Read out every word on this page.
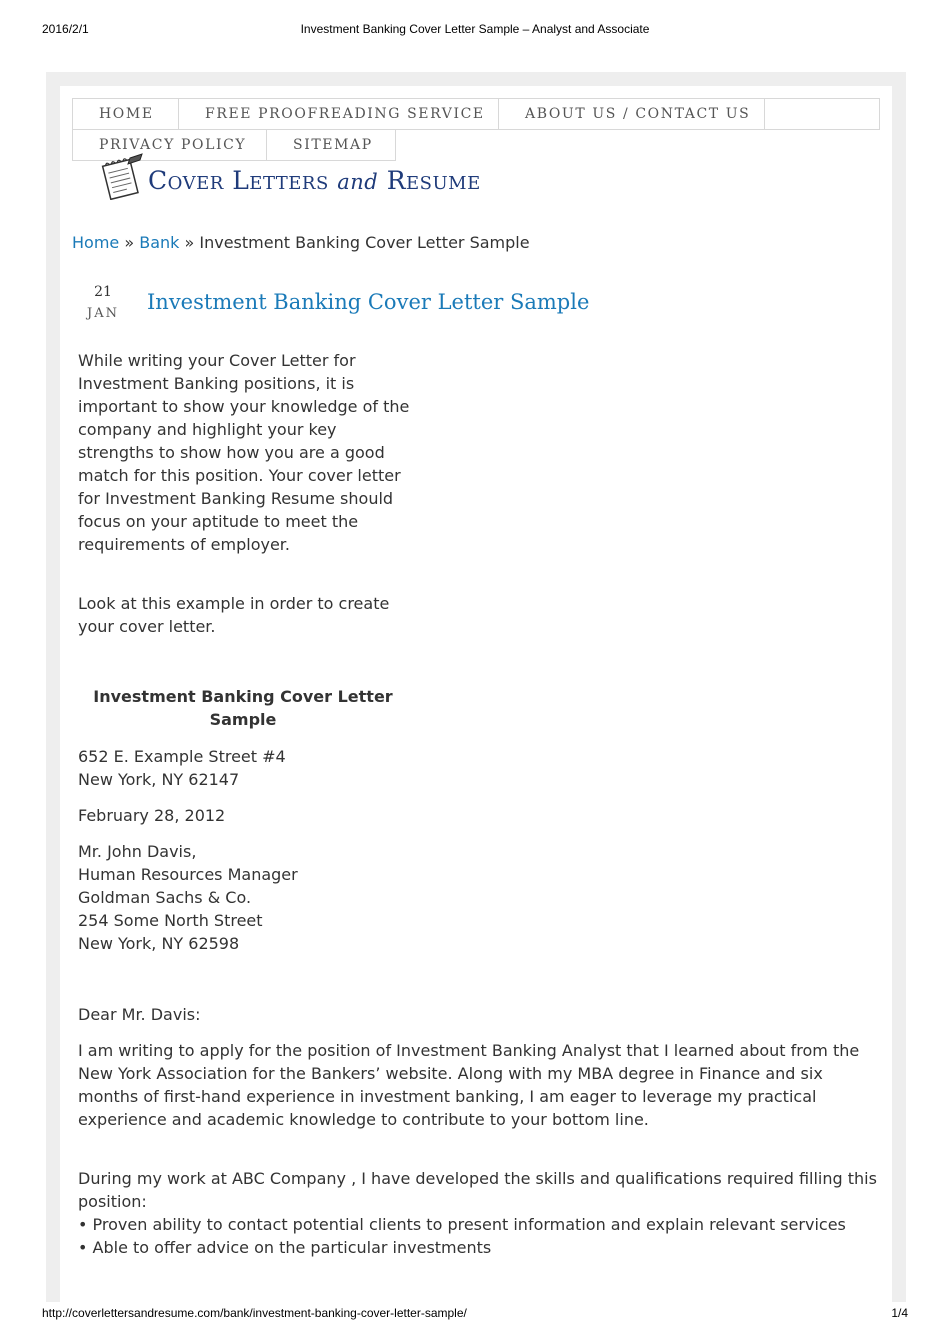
2016/2/1	Investment Banking Cover Letter Sample – Analyst and Associate
HOME	FREE PROOFREADING SERVICE	ABOUT US / CONTACT US
PRIVACY POLICY	SITEMAP
Cover Letters and Resume
Home » Bank » Investment Banking Cover Letter Sample
21
JAN	Investment Banking Cover Letter Sample

While writing your Cover Letter for Investment Banking positions, it is important to show your knowledge of the company and highlight your key strengths to show how you are a good match for this position. Your cover letter for Investment Banking Resume should focus on your aptitude to meet the requirements of employer.

Look at this example in order to create your cover letter.

Investment Banking Cover Letter Sample

652 E. Example Street #4
New York, NY 62147
February 28, 2012
Mr. John Davis,
Human Resources Manager
Goldman Sachs & Co.
254 Some North Street
New York, NY 62598
Dear Mr. Davis:

I am writing to apply for the position of Investment Banking Analyst that I learned about from the New York Association for the Bankers’ website. Along with my MBA degree in Finance and six months of first-hand experience in investment banking, I am eager to leverage my practical experience and academic knowledge to contribute to your bottom line.

During my work at ABC Company , I have developed the skills and qualifications required filling this position:
• Proven ability to contact potential clients to present information and explain relevant services
• Able to offer advice on the particular investments
http://coverlettersandresume.com/bank/investment-banking-cover-letter-sample/	1/4
